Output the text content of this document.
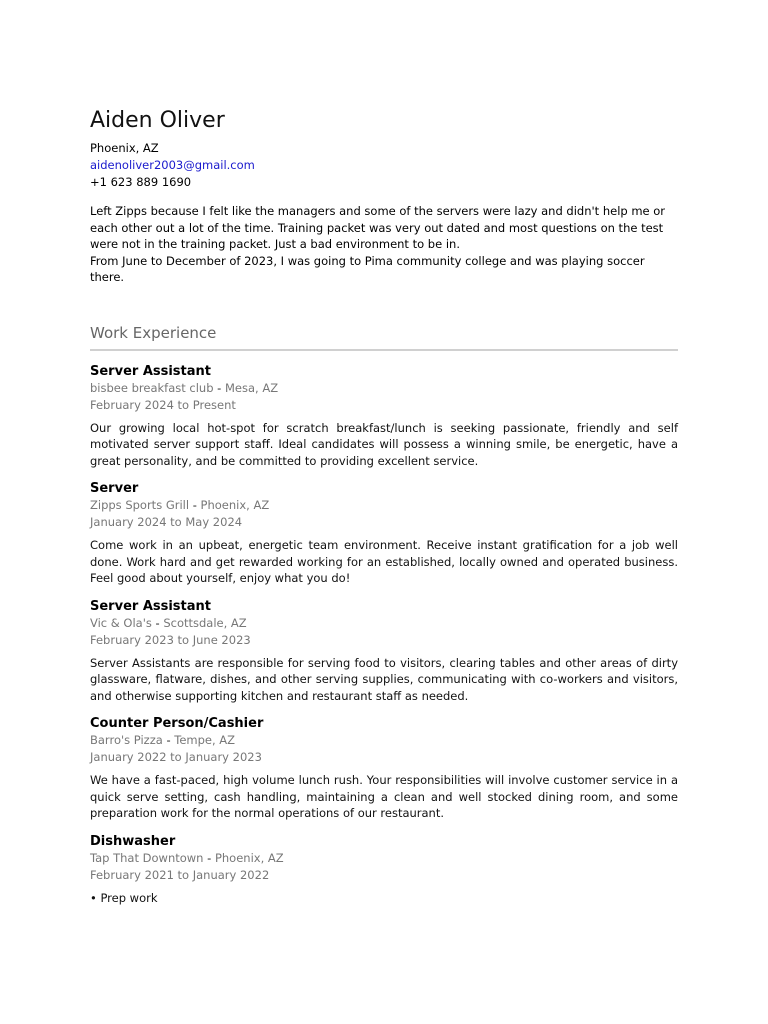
Aiden Oliver
Phoenix, AZ
aidenoliver2003@gmail.com
+1 623 889 1690

Left Zipps because I felt like the managers and some of the servers were lazy and didn't help me or each other out a lot of the time. Training packet was very out dated and most questions on the test were not in the training packet. Just a bad environment to be in.

From June to December of 2023, I was going to Pima community college and was playing soccer there.

Work Experience
Server Assistant
bisbee breakfast club - Mesa, AZ
February 2024 to Present
Our growing local hot-spot for scratch breakfast/lunch is seeking passionate, friendly and self motivated server support staff. Ideal candidates will possess a winning smile, be energetic, have a great personality, and be committed to providing excellent service.
Server
Zipps Sports Grill - Phoenix, AZ
January 2024 to May 2024
Come work in an upbeat, energetic team environment. Receive instant gratification for a job well done. Work hard and get rewarded working for an established, locally owned and operated business. Feel good about yourself, enjoy what you do!
Server Assistant
Vic & Ola's - Scottsdale, AZ
February 2023 to June 2023
Server Assistants are responsible for serving food to visitors, clearing tables and other areas of dirty glassware, flatware, dishes, and other serving supplies, communicating with co-workers and visitors, and otherwise supporting kitchen and restaurant staff as needed.
Counter Person/Cashier
Barro's Pizza - Tempe, AZ
January 2022 to January 2023
We have a fast-paced, high volume lunch rush. Your responsibilities will involve customer service in a quick serve setting, cash handling, maintaining a clean and well stocked dining room, and some preparation work for the normal operations of our restaurant.
Dishwasher
Tap That Downtown - Phoenix, AZ
February 2021 to January 2022
• Prep work
